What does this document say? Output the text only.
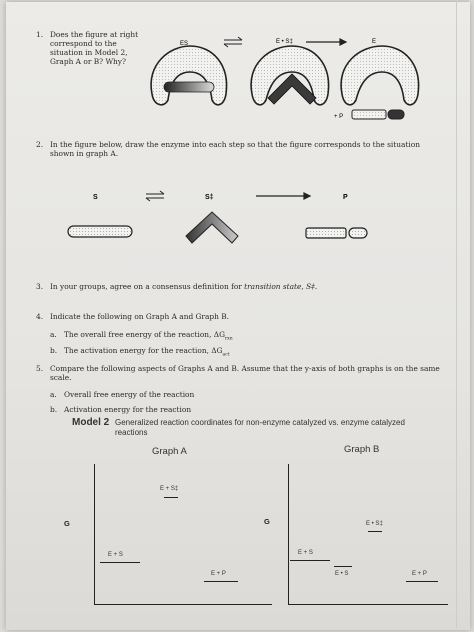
1. Does the figure at right
correspond to the
situation in Model 2,
Graph A or B? Why?
ES	E • S‡	E
+ P
2. In the figure below, draw the enzyme into each step so that the figure corresponds to the situation
shown in graph A.
S	S‡	P
3. In your groups, agree on a consensus definition for transition state, S‡.
4. Indicate the following on Graph A and Graph B.
a. The overall free energy of the reaction, $\Delta G_{rxn}$
b. The activation energy for the reaction, $\Delta G_{act}$
5. Compare the following aspects of Graphs A and B. Assume that the y-axis of both graphs is on the same
scale.
a. Overall free energy of the reaction
b. Activation energy for the reaction
Model 2 Generalized reaction coordinates for non-enzyme catalyzed vs. enzyme catalyzed
reactions
Graph A
G
E + S‡
E + S
E + P
Graph B
G	E • S‡
E + S
E • S	E + P
